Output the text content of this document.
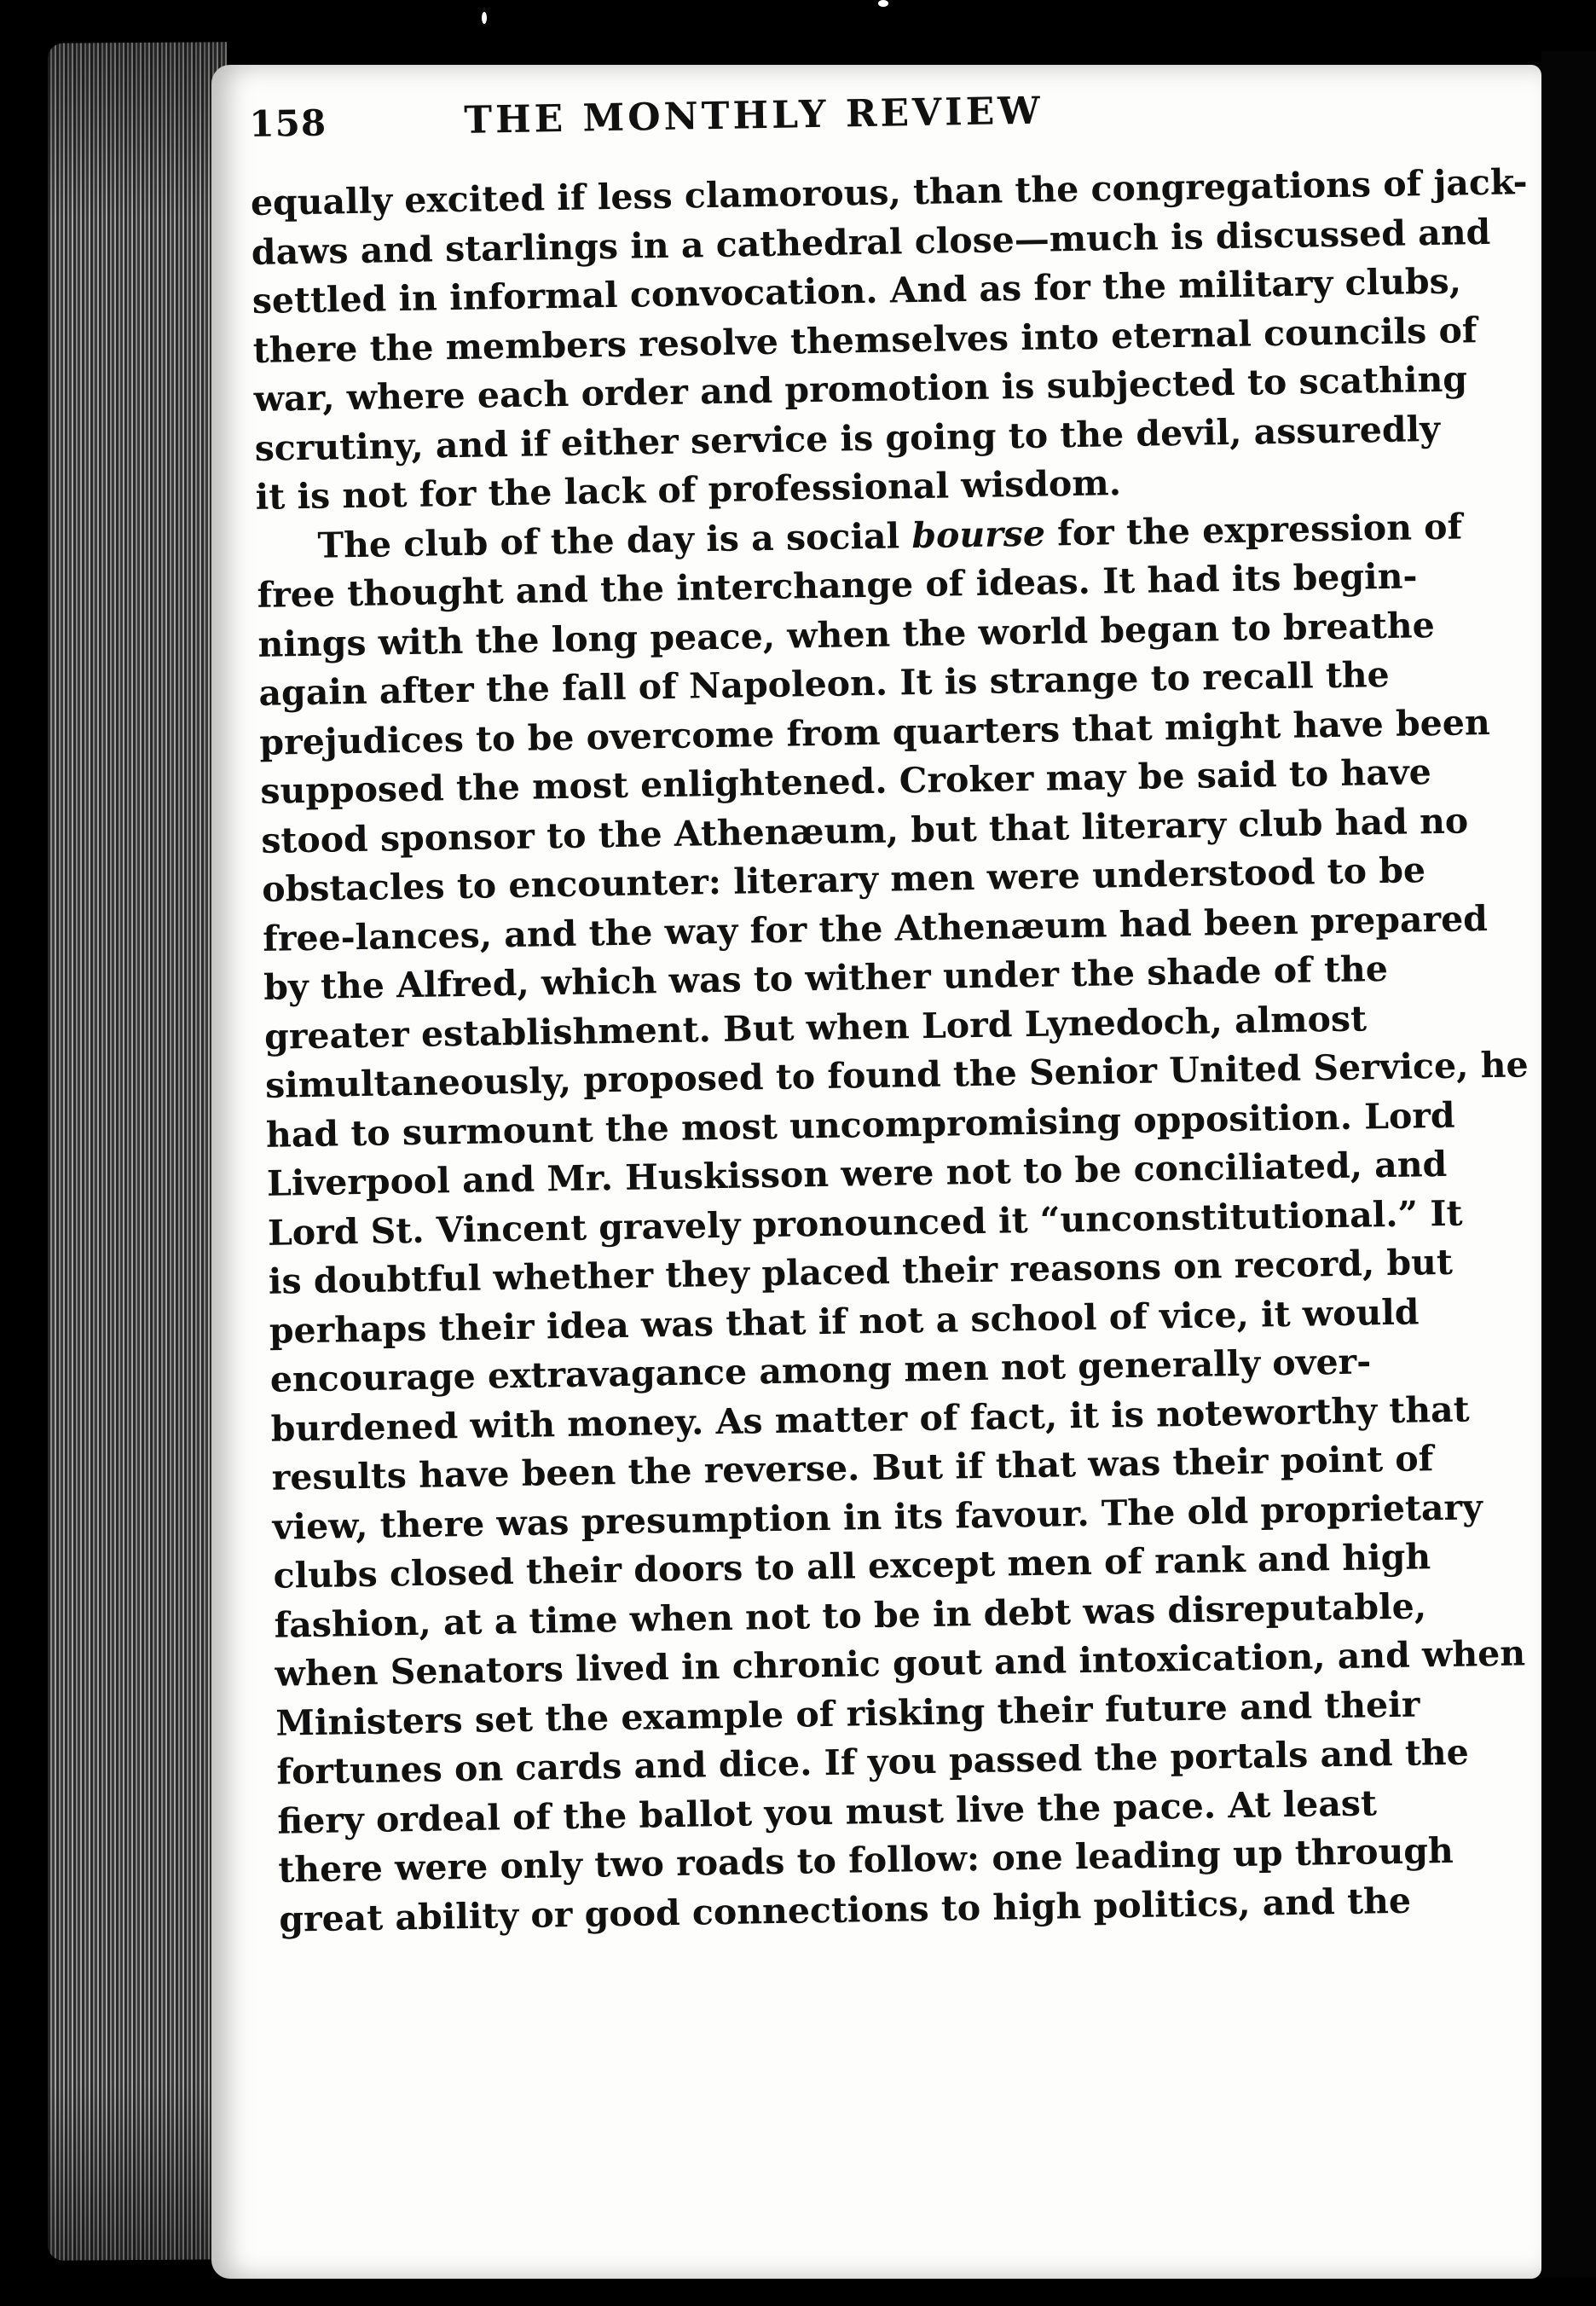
158	THE MONTHLY REVIEW
equally excited if less clamorous, than the congregations of jack-
daws and starlings in a cathedral close—much is discussed and
settled in informal convocation. And as for the military clubs,
there the members resolve themselves into eternal councils of
war, where each order and promotion is subjected to scathing
scrutiny, and if either service is going to the devil, assuredly
it is not for the lack of professional wisdom.
The club of the day is a social bourse for the expression of
free thought and the interchange of ideas. It had its begin-
nings with the long peace, when the world began to breathe
again after the fall of Napoleon. It is strange to recall the
prejudices to be overcome from quarters that might have been
supposed the most enlightened. Croker may be said to have
stood sponsor to the Athenæum, but that literary club had no
obstacles to encounter: literary men were understood to be
free-lances, and the way for the Athenæum had been prepared
by the Alfred, which was to wither under the shade of the
greater establishment. But when Lord Lynedoch, almost
simultaneously, proposed to found the Senior United Service, he
had to surmount the most uncompromising opposition. Lord
Liverpool and Mr. Huskisson were not to be conciliated, and
Lord St. Vincent gravely pronounced it “unconstitutional.” It
is doubtful whether they placed their reasons on record, but
perhaps their idea was that if not a school of vice, it would
encourage extravagance among men not generally over-
burdened with money. As matter of fact, it is noteworthy that
results have been the reverse. But if that was their point of
view, there was presumption in its favour. The old proprietary
clubs closed their doors to all except men of rank and high
fashion, at a time when not to be in debt was disreputable,
when Senators lived in chronic gout and intoxication, and when
Ministers set the example of risking their future and their
fortunes on cards and dice. If you passed the portals and the
fiery ordeal of the ballot you must live the pace. At least
there were only two roads to follow: one leading up through
great ability or good connections to high politics, and the
